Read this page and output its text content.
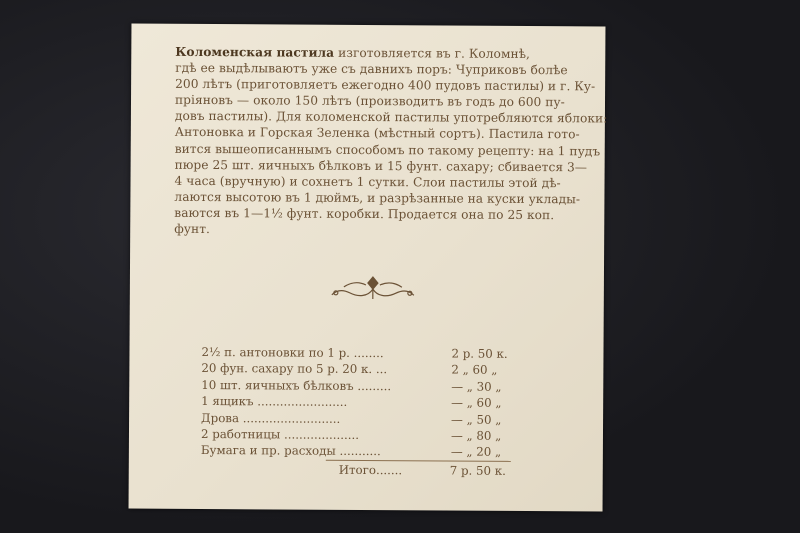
Коломенская пастила изготовляется въ г. Коломнѣ,
гдѣ ее выдѣлываютъ уже съ давнихъ поръ: Чуприковъ болѣе
200 лѣтъ (приготовляетъ ежегодно 400 пудовъ пастилы) и г. Ку-
пріяновъ — около 150 лѣтъ (производитъ въ годъ до 600 пу-
довъ пастилы). Для коломенской пастилы употребляются яблоки:
Антоновка и Горская Зеленка (мѣстный сортъ). Пастила гото-
вится вышеописаннымъ способомъ по такому рецепту: на 1 пудъ
пюре 25 шт. яичныхъ бѣлковъ и 15 фунт. сахару; сбивается 3—
4 часа (вручную) и сохнетъ 1 сутки. Слои пастилы этой дѣ-
лаются высотою въ 1 дюймъ, и разрѣзанные на куски уклады-
ваются въ 1—1½ фунт. коробки. Продается она по 25 коп.
фунт.
2½ п. антоновки по 1 р. ........	2 р. 50 к.
20 фун. сахару по 5 р. 20 к. ...	2 „ 60 „
10 шт. яичныхъ бѣлковъ .........	— „ 30 „
1 ящикъ ........................	— „ 60 „
Дрова ..........................	— „ 50 „
2 работницы ....................	— „ 80 „
Бумага и пр. расходы ...........	— „ 20 „
Итого.......	7 р. 50 к.
